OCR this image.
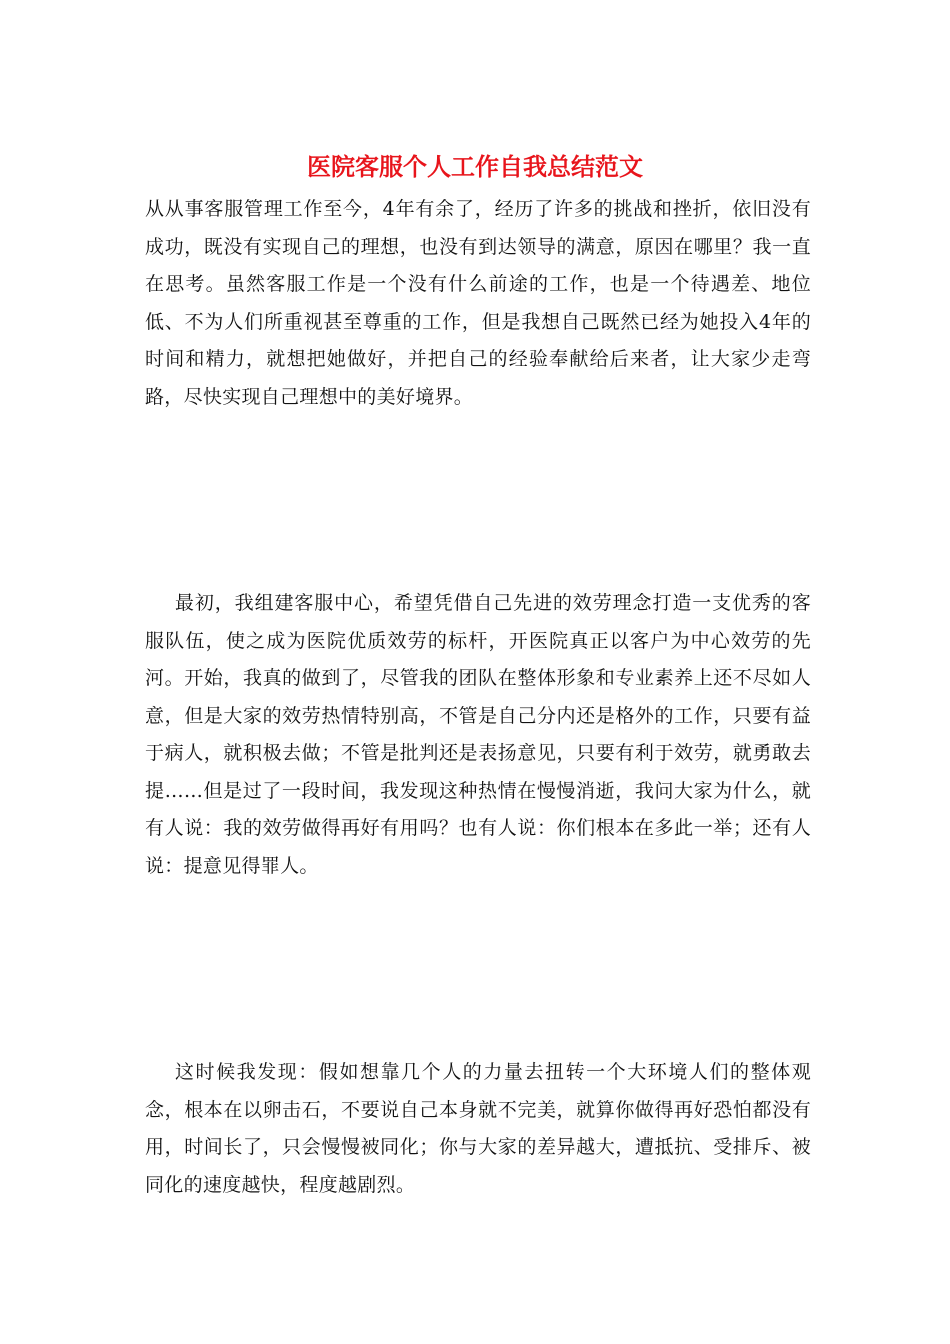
医院客服个人工作自我总结范文

从从事客服管理工作至今，4年有余了，经历了许多的挑战和挫折，依旧没有成功，既没有实现自己的理想，也没有到达领导的满意，原因在哪里？我一直在思考。虽然客服工作是一个没有什么前途的工作，也是一个待遇差、地位低、不为人们所重视甚至尊重的工作，但是我想自己既然已经为她投入4年的时间和精力，就想把她做好，并把自己的经验奉献给后来者，让大家少走弯路，尽快实现自己理想中的美好境界。

最初，我组建客服中心，希望凭借自己先进的效劳理念打造一支优秀的客服队伍，使之成为医院优质效劳的标杆，开医院真正以客户为中心效劳的先河。开始，我真的做到了，尽管我的团队在整体形象和专业素养上还不尽如人意，但是大家的效劳热情特别高，不管是自己分内还是格外的工作，只要有益于病人，就积极去做；不管是批判还是表扬意见，只要有利于效劳，就勇敢去提……但是过了一段时间，我发现这种热情在慢慢消逝，我问大家为什么，就有人说：我的效劳做得再好有用吗？也有人说：你们根本在多此一举；还有人说：提意见得罪人。

这时候我发现：假如想靠几个人的力量去扭转一个大环境人们的整体观念，根本在以卵击石，不要说自己本身就不完美，就算你做得再好恐怕都没有用，时间长了，只会慢慢被同化；你与大家的差异越大，遭抵抗、受排斥、被同化的速度越快，程度越剧烈。
